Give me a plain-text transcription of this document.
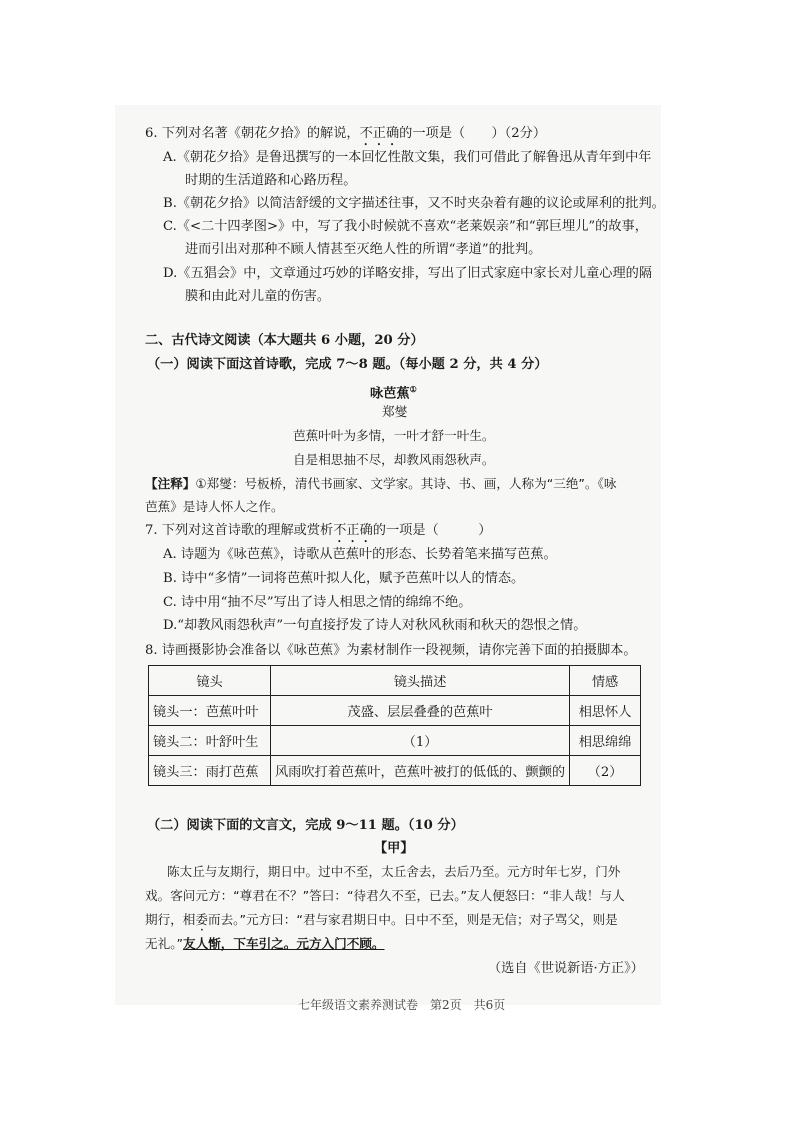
6. 下列对名著《朝花夕拾》的解说，不正确的一项是（　　）（2分）
A.《朝花夕拾》是鲁迅撰写的一本回忆性散文集，我们可借此了解鲁迅从青年到中年
时期的生活道路和心路历程。
B.《朝花夕拾》以简洁舒缓的文字描述往事，又不时夹杂着有趣的议论或犀利的批判。
C.《<二十四孝图>》中，写了我小时候就不喜欢“老莱娱亲”和“郭巨埋儿”的故事，
进而引出对那种不顾人情甚至灭绝人性的所谓“孝道”的批判。
D.《五猖会》中，文章通过巧妙的详略安排，写出了旧式家庭中家长对儿童心理的隔
膜和由此对儿童的伤害。
二、古代诗文阅读（本大题共 6 小题，20 分）
（一）阅读下面这首诗歌，完成 7～8 题。（每小题 2 分，共 4 分）
咏芭蕉①
郑燮
芭蕉叶叶为多情，一叶才舒一叶生。
自是相思抽不尽，却教风雨怨秋声。
【注释】①郑燮：号板桥，清代书画家、文学家。其诗、书、画，人称为“三绝”。《咏
芭蕉》是诗人怀人之作。
7. 下列对这首诗歌的理解或赏析不正确的一项是（　　　）
A. 诗题为《咏芭蕉》，诗歌从芭蕉叶的形态、长势着笔来描写芭蕉。
B. 诗中“多情”一词将芭蕉叶拟人化，赋予芭蕉叶以人的情态。
C. 诗中用“抽不尽”写出了诗人相思之情的绵绵不绝。
D.“却教风雨怨秋声”一句直接抒发了诗人对秋风秋雨和秋天的怨恨之情。
8. 诗画摄影协会准备以《咏芭蕉》为素材制作一段视频，请你完善下面的拍摄脚本。
镜头	镜头描述	情感
镜头一：芭蕉叶叶	茂盛、层层叠叠的芭蕉叶	相思怀人
镜头二：叶舒叶生	（1）	相思绵绵
镜头三：雨打芭蕉	风雨吹打着芭蕉叶，芭蕉叶被打的低低的、颤颤的	（2）
（二）阅读下面的文言文，完成 9～11 题。（10 分）
【甲】
陈太丘与友期行，期日中。过中不至，太丘舍去，去后乃至。元方时年七岁，门外
戏。客问元方：“尊君在不？”答曰：“待君久不至，已去。”友人便怒曰：“非人哉！与人
期行，相委而去。”元方曰：“君与家君期日中。日中不至，则是无信；对子骂父，则是
无礼。”友人惭，下车引之。元方入门不顾。
（选自《世说新语·方正》）
七年级语文素养测试卷　第2页　共6页
